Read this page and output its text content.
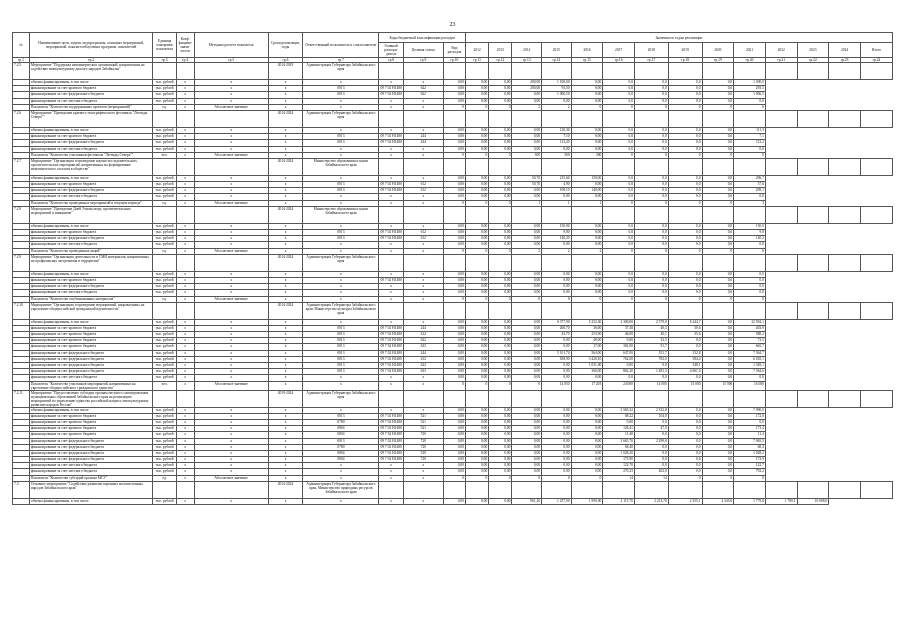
23
№	Наименование цели, задачи, подпрограммы, основных мероприятий, мероприятий, показателей целевых программ, показателей	Единица измерения показателя	Коэф-фициент значи-мости	Методика расчета показателя	Сроки реализации, годы	Ответственный исполнитель и соисполнители	Коды бюджетной классификации расходов			Значения по годам реализации													
							Главный распоря-дитель	Целевая статья	Вид расходов	2012	2013	2014	2015	2016	2017	2018	2019	2020	2021	2022	2023	2024	Итого
гр.1	гр.2	гр.3	гр.4	гр.5	гр.6	гр.7	гр.8	гр.9	гр.10	гр.11	гр.12	гр.13	гр.14	гр.15	гр.16	гр.17	гр.18	гр.19	гр.20	гр.21	гр.22	гр.23	гр.24
7.2.5	Мероприятие "Поддержка некоммерческих организаций, направленная на содействие межкультурному диалогу народов Забайкалья"				2014-2019	Администрация Губернатора Забайкальского края																	
	объемы финансирования, в том числе	тыс. рублей	х	х	х	х	х	х	0,00	0,00	0,00	200,00	1 100,00	0,00	0,0	0,0	0,0	0,0	1 300,0				
	финансирование за счет краевого бюджета	тыс. рублей	х	х	х	0013	09 7 02 Н1480	622	0,00	0,00	0,00	200,00	93,50	0,00	0,0	0,0	0,0	0,0	293,5				
	финансирование за счет федерального бюджета	тыс. рублей	х	х	х	0013	09 7 02 Н1480	622	0,00	0,00	0,00	0,00	1 006,50	0,00	0,0	0,0	0,0	0,0	1 006,5				
	финансирование за счет местного бюджета	тыс. рублей	х	х	х	х	х	х	0,00	0,00	0,00	0,00	0,00	0,00	0,0	0,0	0,0	0,0	0,0				
	Показатель "Количество поддержанных проектов (мероприятий)"	ед.	х	Абсолютное значение	х	х	х	х	0	0	0	2	2	0	0	0	0	0	6				
7.2.6	Мероприятие "Проведение краевого этнографического фестиваля "Легенды Севера""				2014-2024	Администрация Губернатора Забайкальского края																	
	объемы финансирования, в том числе	тыс. рублей	х	х	х	х	х	х	0,00	0,00	0,00	0,00	120,30	0,00	0,0	0,0	0,0	0,0	111,3				
	финансирование за счет краевого бюджета	тыс. рублей	х	х	х	0013	09 7 02 Н1480	244	0,00	0,00	0,00	0,00	7,10	0,00	0,0	0,0	0,0	0,0	7,1				
	финансирование за счет федерального бюджета	тыс. рублей	х	х	х	0013	09 7 02 Н1480	244	0,00	0,00	0,00	0,00	113,20	0,00	0,0	0,0	0,0	0,0	113,2				
	финансирование за счет местного бюджета	тыс. рублей	х	х	х	х	х	х	0,00	0,00	0,00	0,00	0,00	0,00	0,0	0,0	0,0	0,0	0,0				
	Показатель "Количество участников фестиваля "Легенды Севера""	чел.	х	Абсолютное значение	х	х	х	х	0	0	0	300	300	300	0	0	0	0	0				
7.2.7	Мероприятие "Организация и проведение научно-исследовательских, просветительских мероприятий, направленных на формирование межэтнического согласия в обществе"				2014-2024	Министерство образования и науки Забайкальского края																	
	объемы финансирования, в том числе	тыс. рублей	х	х	х	х	х	х	0,00	0,00	0,00	50,70	215,60	150,00	0,0	0,0	0,0	0,0	296,7				
	финансирование за счет краевого бюджета	тыс. рублей	х	х	х	0013	09 7 02 Н1480	612	0,00	0,00	0,00	50,70	4,90	0,00	0,0	0,0	0,0	0,0	57,6				
	финансирование за счет федерального бюджета	тыс. рублей	х	х	х	0013	09 7 02 Н1480	612	0,00	0,00	0,00	0,00	108,10	140,00	0,0	0,0	0,0	0,0	209,1				
	финансирование за счет местного бюджета	тыс. рублей	х	х	х	х	х	х	0,00	0,00	0,00	0,00	0,00	0,00	0,0	0,0	0,0	0,0	0,0				
	Показатель "Количество проведенных мероприятий в текущем периоде"	ед.	х	Абсолютное значение	х	х	х	х	0	0	0	1	1	1	0	0	0	0	3				
7.2.8	Мероприятие "Проведение Дней Этнокультур, просветительских мероприятий и инициатив"				2014-2024	Министерство образования и науки Забайкальского края																	
	объемы финансирования, в том числе	тыс. рублей	х	х	х	х	х	х	0,00	0,00	0,00	0,00	150,00	0,00	0,0	0,0	0,0	0,0	150,0				
	финансирование за счет краевого бюджета	тыс. рублей	х	х	х	0013	09 7 02 Н1480	612	0,00	0,00	0,00	0,00	9,80	0,00	0,0	0,0	0,0	0,0	9,8				
	финансирование за счет федерального бюджета	тыс. рублей	х	х	х	0013	09 7 02 Н1480	612	0,00	0,00	0,00	0,00	140,20	0,00	0,0	0,0	0,0	0,0	140,2				
	финансирование за счет местного бюджета	тыс. рублей	х	х	х	х	х	х	0,00	0,00	0,00	0,00	0,00	0,00	0,0	0,0	0,0	0,0	0,0				
	Показатель "Количество проведенных акций"	ед.	х	Абсолютное значение	х	х	х	х	0	0	0	2	2	2	0	0	0	0	6				
7.2.9	Мероприятие "Организация деятельности в СМИ материалов, направленных на профилактику экстремизма и терроризма"				2014-2024	Администрация Губернатора Забайкальского края																	
	объемы финансирования, в том числе	тыс. рублей	х	х	х	х	х	х	0,00	0,00	0,00	0,00	0,00	0,00	0,0	0,0	0,0	0,0	0,0				
	финансирование за счет краевого бюджета	тыс. рублей	х	х	х	х	09 7 02 Н1480	х	0,00	0,00	0,00	0,00	0,00	0,00	0,0	0,0	0,0	0,0	0,0				
	финансирование за счет федерального бюджета	тыс. рублей	х	х	х	х	х	х	0,00	0,00	0,00	0,00	0,00	0,00	0,0	0,0	0,0	0,0	0,0				
	финансирование за счет местного бюджета	тыс. рублей	х	х	х	х	х	х	0,00	0,00	0,00	0,00	0,00	0,00	0,0	0,0	0,0	0,0	0,0				
	Показатель "Количество опубликованных материалов"	ед.	х	Абсолютное значение	х	х	х	х	0	0	0	0	0	0	0	0	0	0	0				
7.2.10	Мероприятие "Организация и проведение мероприятий, направленных на укрепление общероссийской гражданской идентичности"				2014-2024	Администрация Губернатора Забайкальского края; Министерство культуры Забайкальского края																	
	объемы финансирования, в том числе	тыс. рублей	х	х	х	х	х	х	0,00	0,00	0,00	0,00	6 377,90	5 252,40	2 300,00	2 579,0	6 244,7	0,0	22 594,1				
	финансирование за счет краевого бюджета	тыс. рублей	х	х	х	0013	09 7 02 Н1480	244	0,00	0,00	0,00	0,00	200,70	36,00	37,40	40,3	30,6	0,0	403,9				
	финансирование за счет краевого бюджета	тыс. рублей	х	х	х	0013	09 7 02 Н1480	612	0,00	0,00	0,00	0,00	43,70	253,90	46,00	40,1	35,6	0,0	588,2				
	финансирование за счет краевого бюджета	тыс. рублей	х	х	х	0013	09 7 02 Н1480	622	0,00	0,00	0,00	0,00	0,00	40,00	0,00	33,5	0,0	0,0	73,5				
	финансирование за счет краевого бюджета	тыс. рублей	х	х	х	0013	09 7 02 Н1480	633	0,00	0,00	0,00	0,00	0,00	17,00	302,00	91,7	0,0	0,0	665,7				
	финансирование за счет федерального бюджета	тыс. рублей	х	х	х	0013	09 7 02 Н1480	244	0,00	0,00	0,00	0,00	5 101,70	564,00	647,00	551,7	132,8	0,0	7 364,7				
	финансирование за счет федерального бюджета	тыс. рублей	х	х	х	0013	09 7 02 Н1480	612	0,00	0,00	0,00	0,00	658,90	3 420,10	762,00	782,0	584,4	0,0	6 018,1				
	финансирование за счет федерального бюджета	тыс. рублей	х	х	х	0013	09 7 02 Н1480	622	0,00	0,00	0,00	0,00	0,00	1 031,00	0,00	0,0	348,1	0,0	1 349,1				
	финансирование за счет федерального бюджета	тыс. рублей	х	х	х	0013	09 7 02 Н1480	633	0,00	0,00	0,00	0,00	0,00	360,00	862,20	1 481,3	4 661,0	0,0	7 364,6				
	финансирование за счет местного бюджета	тыс. рублей	х	х	х	х	х	х	0,00	0,00	0,00	0,00	0,00	0,00	0,0	0,0	0,0	0,0	0,0				
	Показатель "Количество участников мероприятий, направленных на укрепление общероссийского гражданского единства"	чел.	х	Абсолютное значение	х	х	х	х	0	0	0	0	14 050	17 203	24 000	14 000	15 000	15 590	16 000				
7.2.11	Мероприятие "Предоставление субсидии органам местного самоуправления муниципальных образований Забайкальского края на реализацию мероприятий по укреплению единства российской нации и этнокультурному развитию народов России"				2019-2024	Администрация Губернатора Забайкальского края																	
	объемы финансирования, в том числе	тыс. рублей	х	х	х	х	х	х	0,00	0,00	0,00	0,00	0,00	0,00	3 565,32	2 332,8	0,0	0,0	7 090,0				
	финансирование за счет краевого бюджета	тыс. рублей	х	х	х	0013	09 7 02 Н1480	521	0,00	0,00	0,00	0,00	0,00	0,00	68,22	104,0	0,0	0,0	172,0				
	финансирование за счет краевого бюджета	тыс. рублей	х	х	х	0780	09 7 02 Н1480	521	0,00	0,00	0,00	0,00	0,00	0,00	0,00	0,0	0,0	0,0	0,0				
	финансирование за счет краевого бюджета	тыс. рублей	х	х	х	0804	09 7 02 Н1480	521	0,00	0,00	0,00	0,00	0,00	0,00	126,41	47,0	0,0	0,0	173,4				
	финансирование за счет краевого бюджета	тыс. рублей	х	х	х	0804	09 7 02 Н1480	720	0,00	0,00	0,00	0,00	0,00	0,00	11,40	0,0	0,0	0,0	11,4				
	финансирование за счет федерального бюджета	тыс. рублей	х	х	х	0013	09 7 02 Н1480	720	0,00	0,00	0,00	0,00	0,00	0,00	2 665,70	2 299,8	0,0	0,0	7 965,5				
	финансирование за счет федерального бюджета	тыс. рублей	х	х	х	0780	09 7 02 Н1480	720	0,00	0,00	0,00	0,00	0,00	0,00	68,40	0,0	0,0	0,0	68,4				
	финансирование за счет федерального бюджета	тыс. рублей	х	х	х	0804	09 7 02 Н1480	520	0,00	0,00	0,00	0,00	0,00	0,00	1 028,20	0,0	0,0	0,0	1 028,2				
	финансирование за счет федерального бюджета	тыс. рублей	х	х	х	0804	09 7 02 Н1480	720	0,00	0,00	0,00	0,00	0,00	0,00	173,90	0,0	0,0	0,0	173,9				
	финансирование за счет местного бюджета	тыс. рублей	х	х	х	х	х	х	0,00	0,00	0,00	0,00	0,00	0,00	122,70	0,0	0,0	0,0	122,7				
	финансирование за счет местного бюджета	тыс. рублей	х	х	х	х	х	х	0,00	0,00	0,00	0,00	0,00	0,00	270,23	402,0	0,0	0,0	792,2				
	Показатель "Количество субсидий органам МСУ"	ед.	х	Абсолютное значение	х	х	х	х	0	0	0	0	0	0	14	14	0	0	0				
7.3.	Основное мероприятие "Содействие развитию коренных малочисленных народов Забайкальского края"				2014-2024	Администрация Губернатора Забайкальского края, Министерство природных ресурсов Забайкальского края																	
	объемы финансирования, в том числе	тыс. рублей	х	х	х	х	х	х	0,00	0,00	0,00	961,20	1 257,00	1 990,00	2 115,70	2 213,70	2 355,1	2 345,0	1 779,8	1 780,1	10 008,0		
